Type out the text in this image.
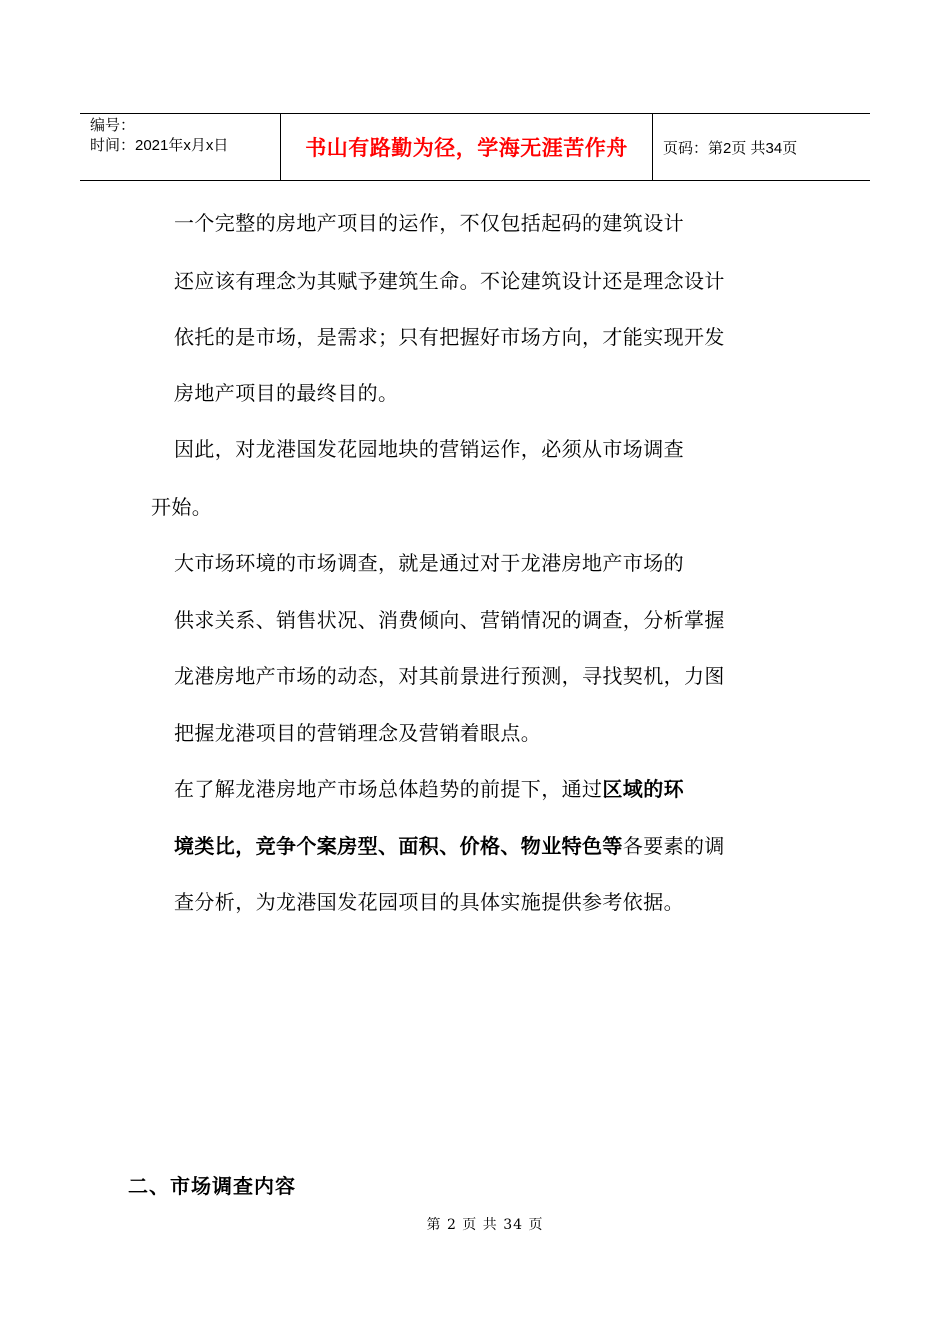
编号：
时间：2021年x月x日	书山有路勤为径，学海无涯苦作舟 页码：第2页 共34页
一个完整的房地产项目的运作，不仅包括起码的建筑设计
还应该有理念为其赋予建筑生命。不论建筑设计还是理念设计
依托的是市场，是需求；只有把握好市场方向，才能实现开发
房地产项目的最终目的。
因此，对龙港国发花园地块的营销运作，必须从市场调查
开始。
大市场环境的市场调查，就是通过对于龙港房地产市场的
供求关系、销售状况、消费倾向、营销情况的调查，分析掌握
龙港房地产市场的动态，对其前景进行预测，寻找契机，力图
把握龙港项目的营销理念及营销着眼点。
在了解龙港房地产市场总体趋势的前提下，通过区域的环
境类比，竞争个案房型、面积、价格、物业特色等各要素的调
查分析，为龙港国发花园项目的具体实施提供参考依据。
二、市场调查内容
第 2 页 共 34 页
